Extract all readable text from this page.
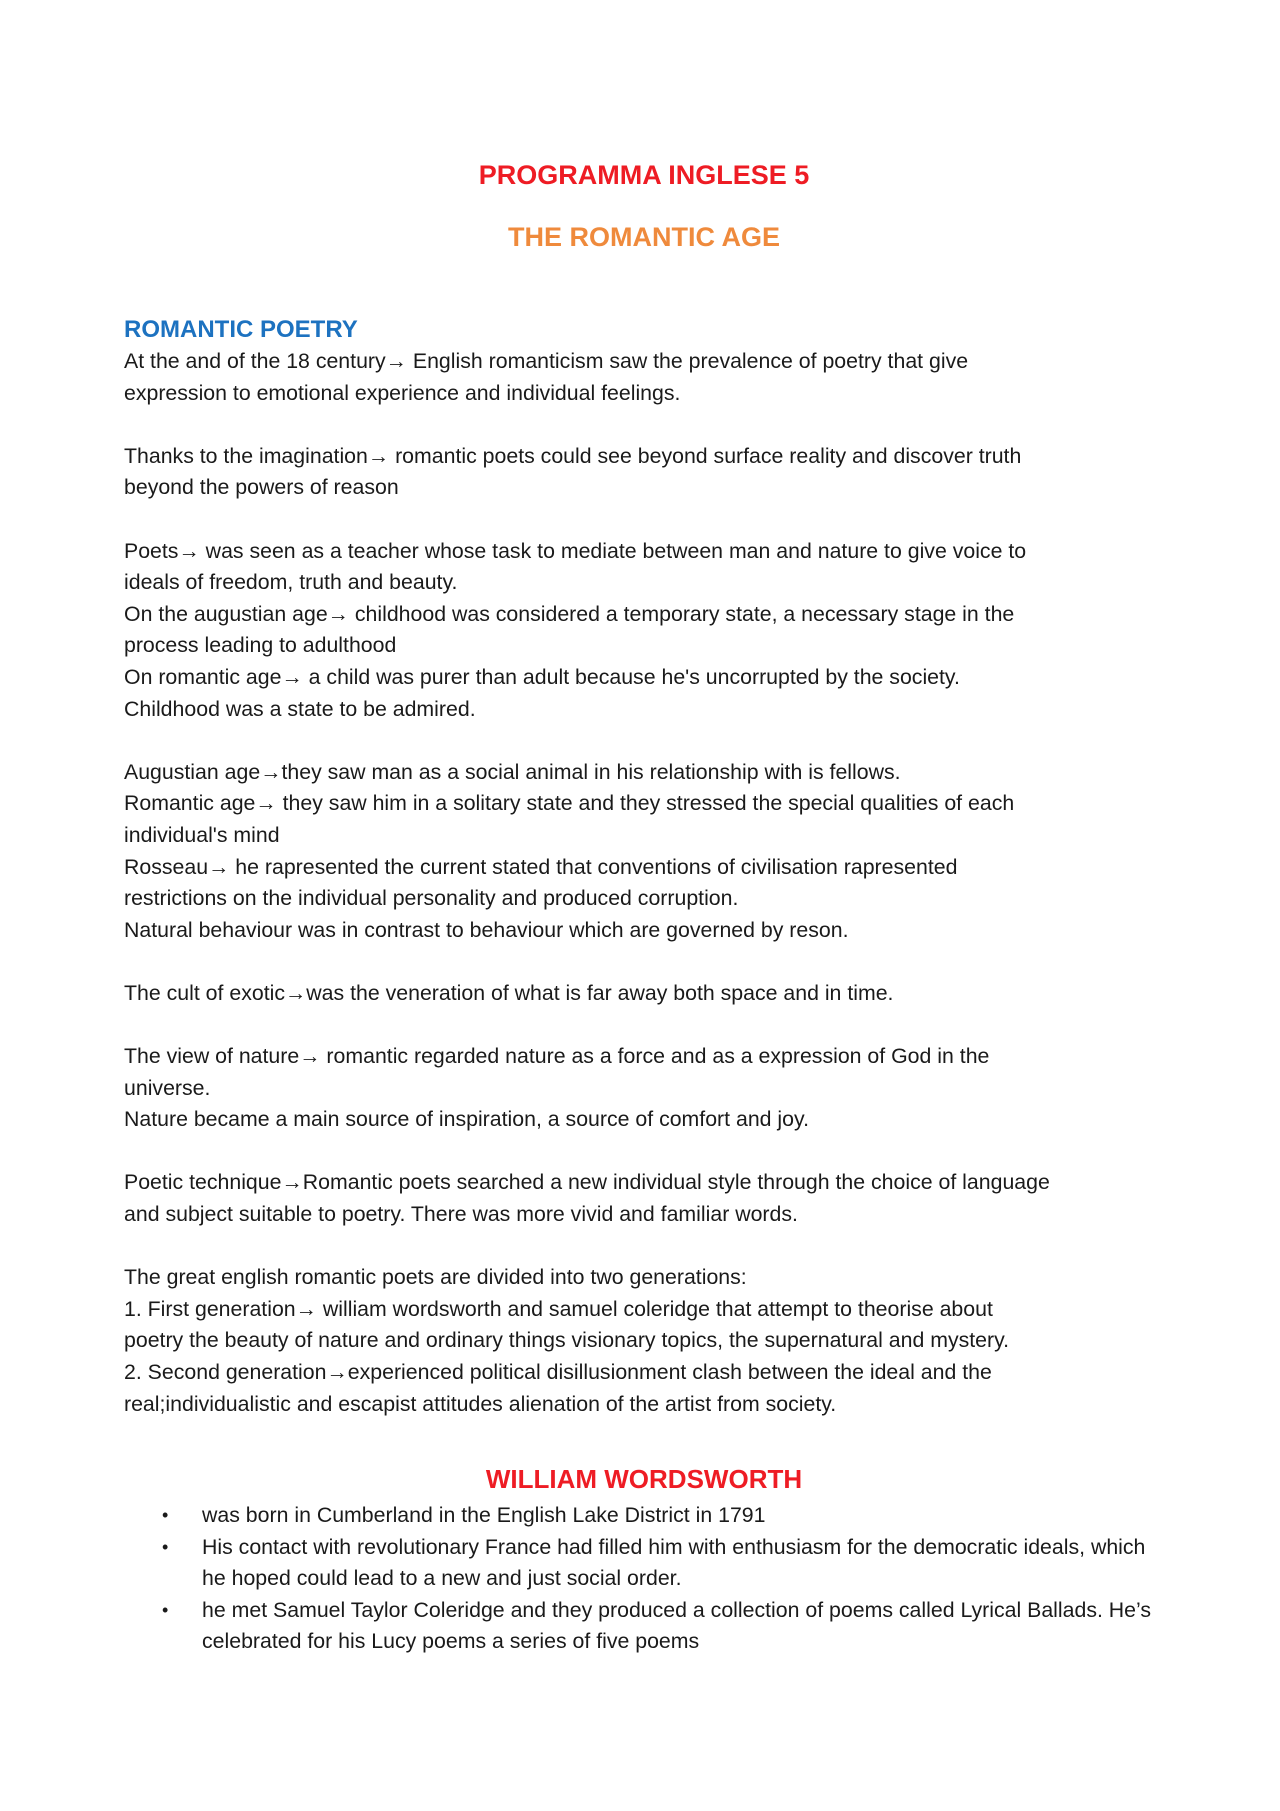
PROGRAMMA INGLESE 5
THE ROMANTIC AGE
ROMANTIC POETRY

At the and of the 18 century→ English romanticism saw the prevalence of poetry that give

expression to emotional experience and individual feelings.

Thanks to the imagination→ romantic poets could see beyond surface reality and discover truth

beyond the powers of reason

Poets→ was seen as a teacher whose task to mediate between man and nature to give voice to

ideals of freedom, truth and beauty.

On the augustian age→ childhood was considered a temporary state, a necessary stage in the

process leading to adulthood

On romantic age→ a child was purer than adult because he's uncorrupted by the society.

Childhood was a state to be admired.

Augustian age→they saw man as a social animal in his relationship with is fellows.

Romantic age→ they saw him in a solitary state and they stressed the special qualities of each

individual's mind

Rosseau→ he rapresented the current stated that conventions of civilisation rapresented

restrictions on the individual personality and produced corruption.

Natural behaviour was in contrast to behaviour which are governed by reson.

The cult of exotic→was the veneration of what is far away both space and in time.

The view of nature→ romantic regarded nature as a force and as a expression of God in the

universe.

Nature became a main source of inspiration, a source of comfort and joy.

Poetic technique→Romantic poets searched a new individual style through the choice of language

and subject suitable to poetry. There was more vivid and familiar words.

The great english romantic poets are divided into two generations:

1. First generation→ william wordsworth and samuel coleridge that attempt to theorise about

poetry the beauty of nature and ordinary things visionary topics, the supernatural and mystery.

2. Second generation→experienced political disillusionment clash between the ideal and the

real;individualistic and escapist attitudes alienation of the artist from society.

WILLIAM WORDSWORTH
• was born in Cumberland in the English Lake District in 1791
• His contact with revolutionary France had filled him with enthusiasm for the democratic ideals, which he hoped could lead to a new and just social order.
• he met Samuel Taylor Coleridge and they produced a collection of poems called Lyrical Ballads. He’s celebrated for his Lucy poems a series of five poems
